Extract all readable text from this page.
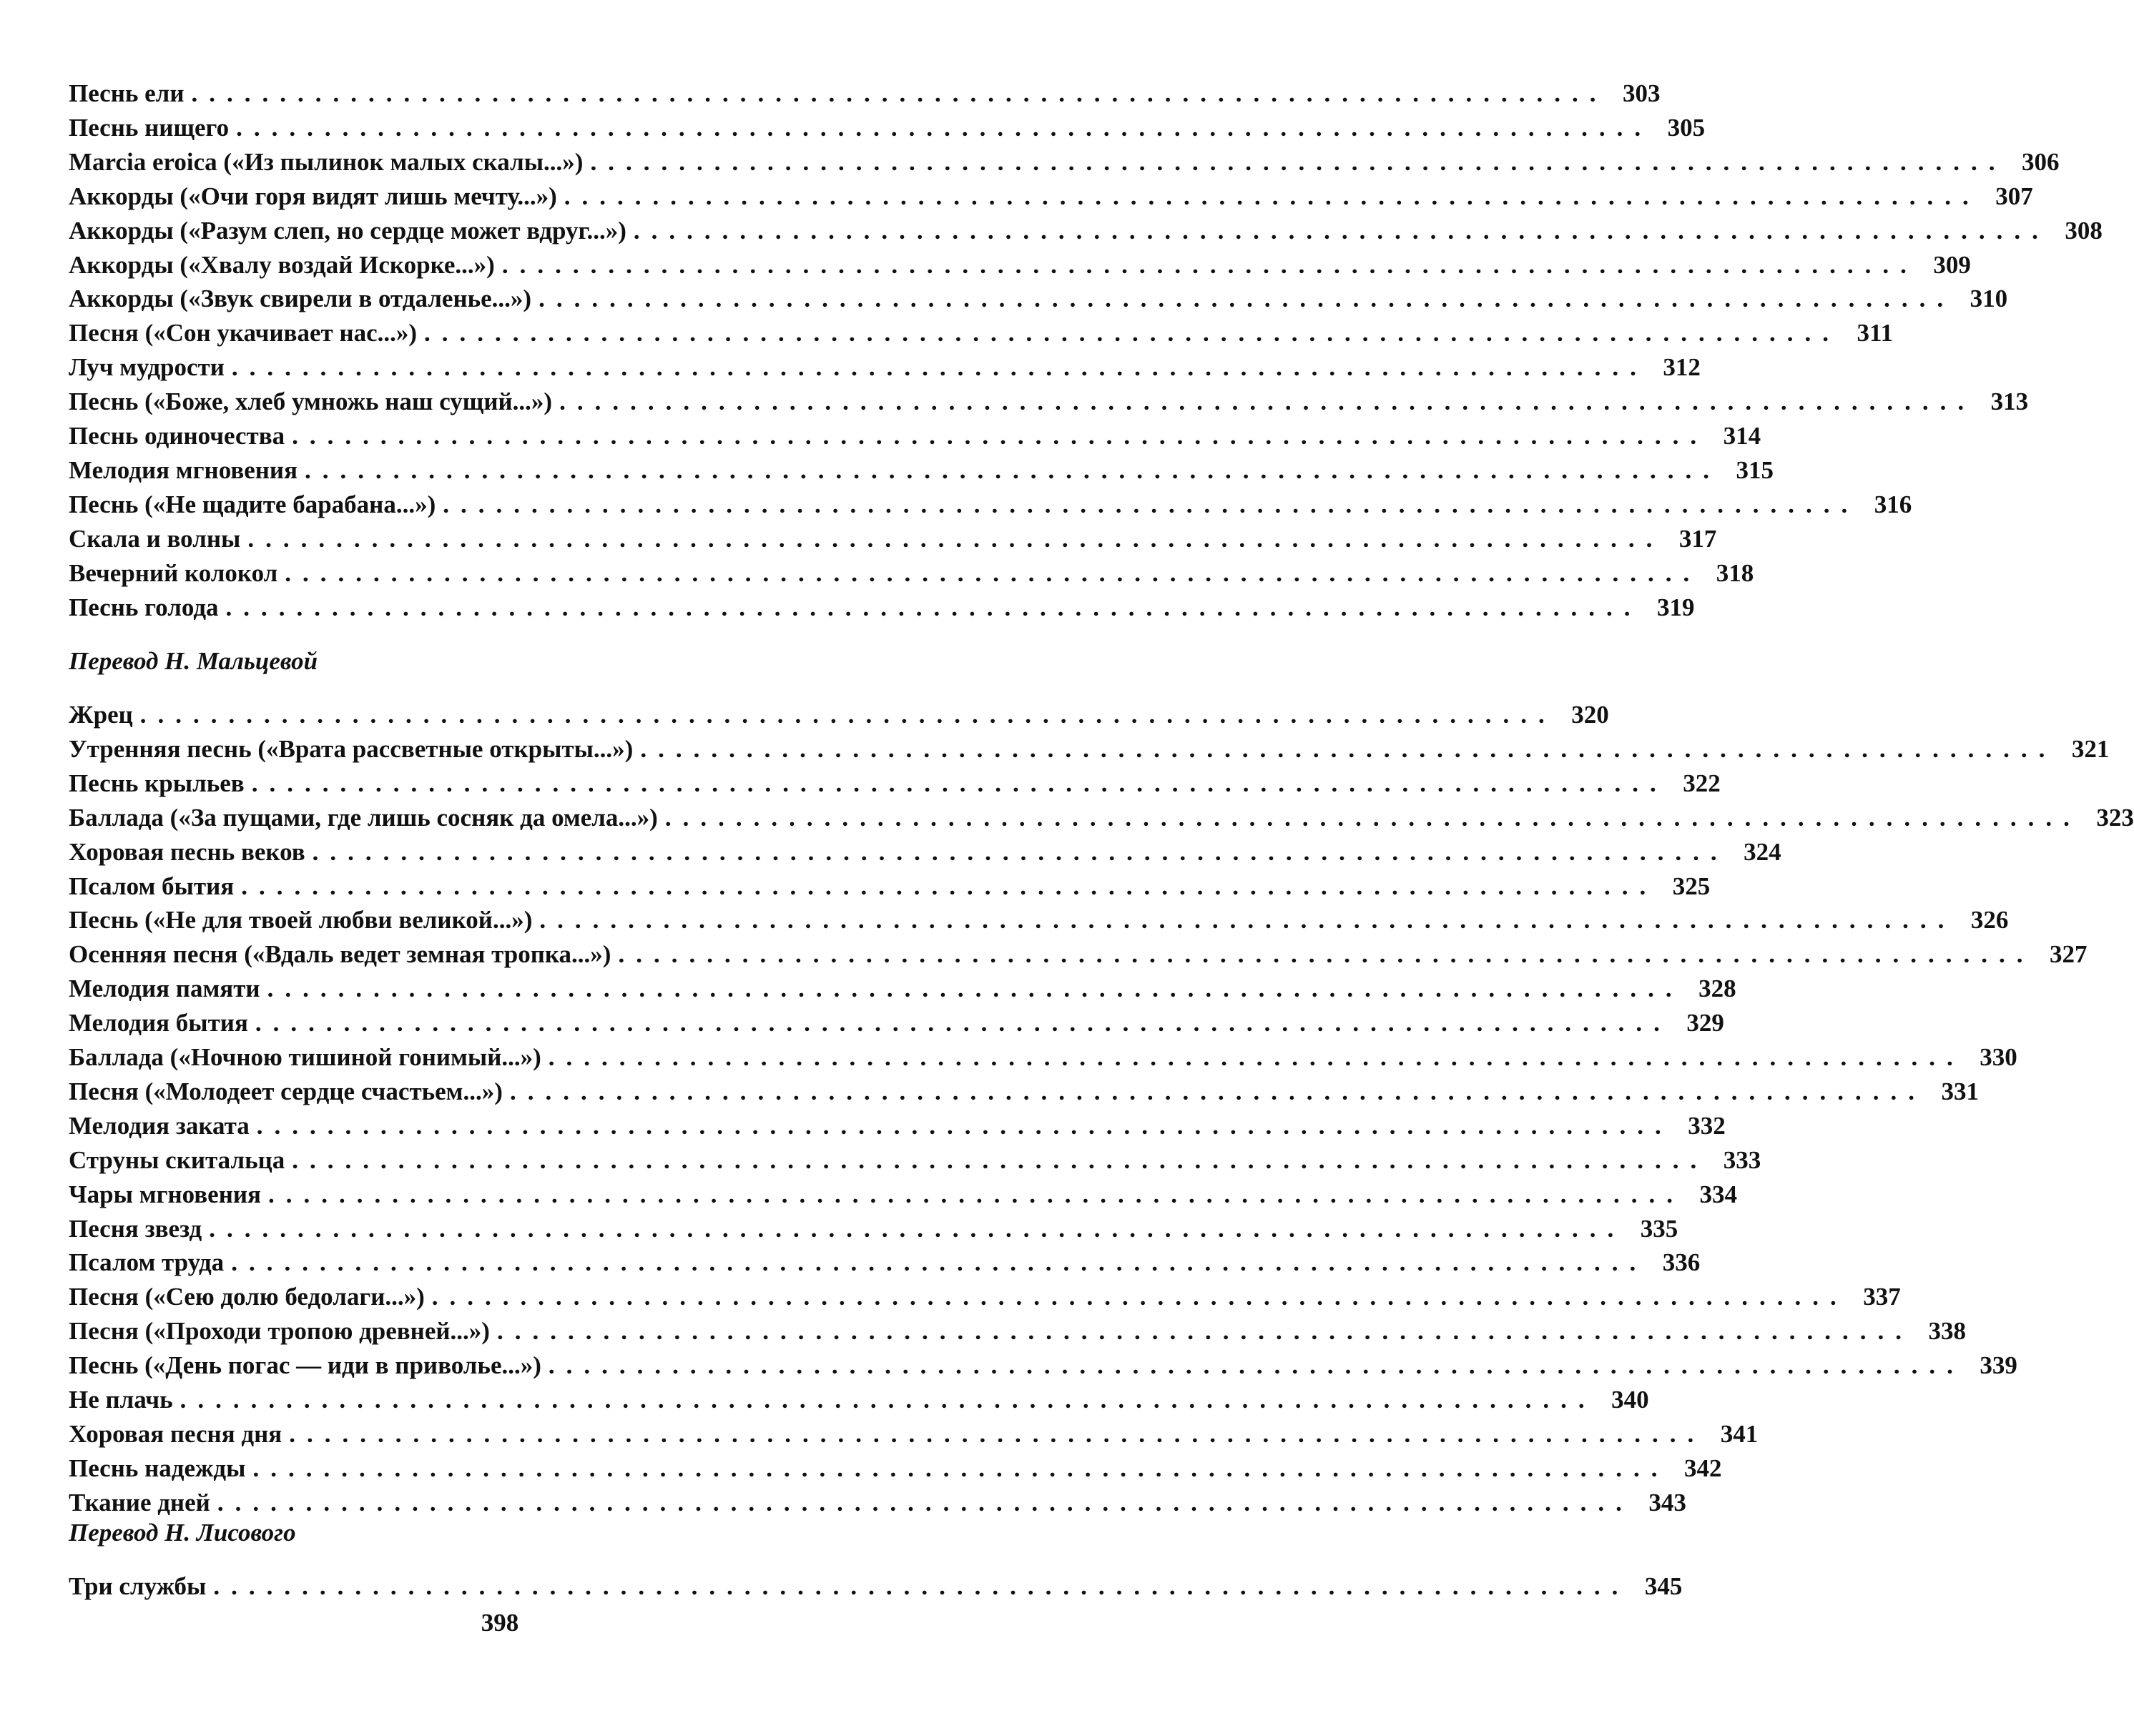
Песнь ели ................................................................................ 303
Песнь нищего ................................................................................ 305
Marcia eroica («Из пылинок малых скалы...») ................................................................................ 306
Аккорды («Очи горя видят лишь мечту...») ................................................................................ 307
Аккорды («Разум слеп, но сердце может вдруг...») ................................................................................ 308
Аккорды («Хвалу воздай Искорке...») ................................................................................ 309
Аккорды («Звук свирели в отдаленье...») ................................................................................ 310
Песня («Сон укачивает нас...») ................................................................................ 311
Луч мудрости ................................................................................ 312
Песнь («Боже, хлеб умножь наш сущий...») ................................................................................ 313
Песнь одиночества ................................................................................ 314
Мелодия мгновения ................................................................................ 315
Песнь («Не щадите барабана...») ................................................................................ 316
Скала и волны ................................................................................ 317
Вечерний колокол ................................................................................ 318
Песнь голода ................................................................................ 319
Перевод Н. Мальцевой
Жрец ................................................................................ 320
Утренняя песнь («Врата рассветные открыты...») ................................................................................ 321
Песнь крыльев ................................................................................ 322
Баллада («За пущами, где лишь сосняк да омела...») ................................................................................ 323
Хоровая песнь веков ................................................................................ 324
Псалом бытия ................................................................................ 325
Песнь («Не для твоей любви великой...») ................................................................................ 326
Осенняя песня («Вдаль ведет земная тропка...») ................................................................................ 327
Мелодия памяти ................................................................................ 328
Мелодия бытия ................................................................................ 329
Баллада («Ночною тишиной гонимый...») ................................................................................ 330
Песня («Молодеет сердце счастьем...») ................................................................................ 331
Мелодия заката ................................................................................ 332
Струны скитальца ................................................................................ 333
Чары мгновения ................................................................................ 334
Песня звезд ................................................................................ 335
Псалом труда ................................................................................ 336
Песня («Сею долю бедолаги...») ................................................................................ 337
Песня («Проходи тропою древней...») ................................................................................ 338
Песнь («День погас — иди в приволье...») ................................................................................ 339
Не плачь ................................................................................ 340
Хоровая песня дня ................................................................................ 341
Песнь надежды ................................................................................ 342
Ткание дней ................................................................................ 343
Перевод Н. Лисового
Три службы ................................................................................ 345
398
